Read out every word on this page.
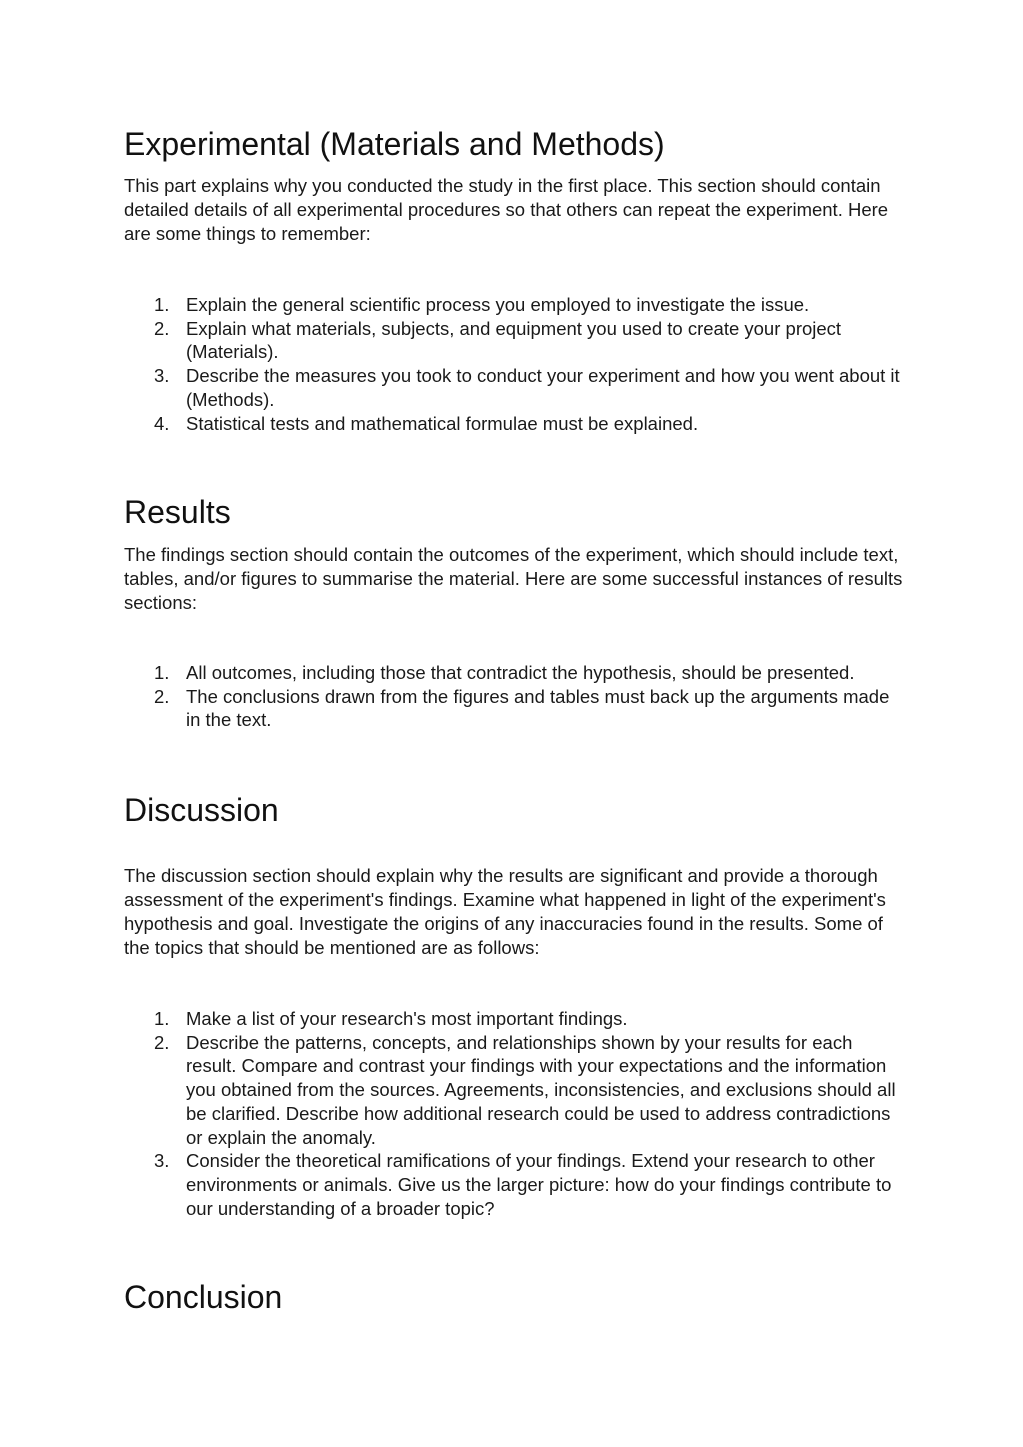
Experimental (Materials and Methods)

This part explains why you conducted the study in the first place. This section should contain detailed details of all experimental procedures so that others can repeat the experiment. Here are some things to remember:

1. Explain the general scientific process you employed to investigate the issue.
2. Explain what materials, subjects, and equipment you used to create your project (Materials).
3. Describe the measures you took to conduct your experiment and how you went about it (Methods).
4. Statistical tests and mathematical formulae must be explained.
Results

The findings section should contain the outcomes of the experiment, which should include text, tables, and/or figures to summarise the material. Here are some successful instances of results sections:

1. All outcomes, including those that contradict the hypothesis, should be presented.
2. The conclusions drawn from the figures and tables must back up the arguments made in the text.
Discussion

The discussion section should explain why the results are significant and provide a thorough assessment of the experiment's findings. Examine what happened in light of the experiment's hypothesis and goal. Investigate the origins of any inaccuracies found in the results. Some of the topics that should be mentioned are as follows:

1. Make a list of your research's most important findings.
2. Describe the patterns, concepts, and relationships shown by your results for each result. Compare and contrast your findings with your expectations and the information you obtained from the sources. Agreements, inconsistencies, and exclusions should all be clarified. Describe how additional research could be used to address contradictions or explain the anomaly.
3. Consider the theoretical ramifications of your findings. Extend your research to other environments or animals. Give us the larger picture: how do your findings contribute to our understanding of a broader topic?
Conclusion
